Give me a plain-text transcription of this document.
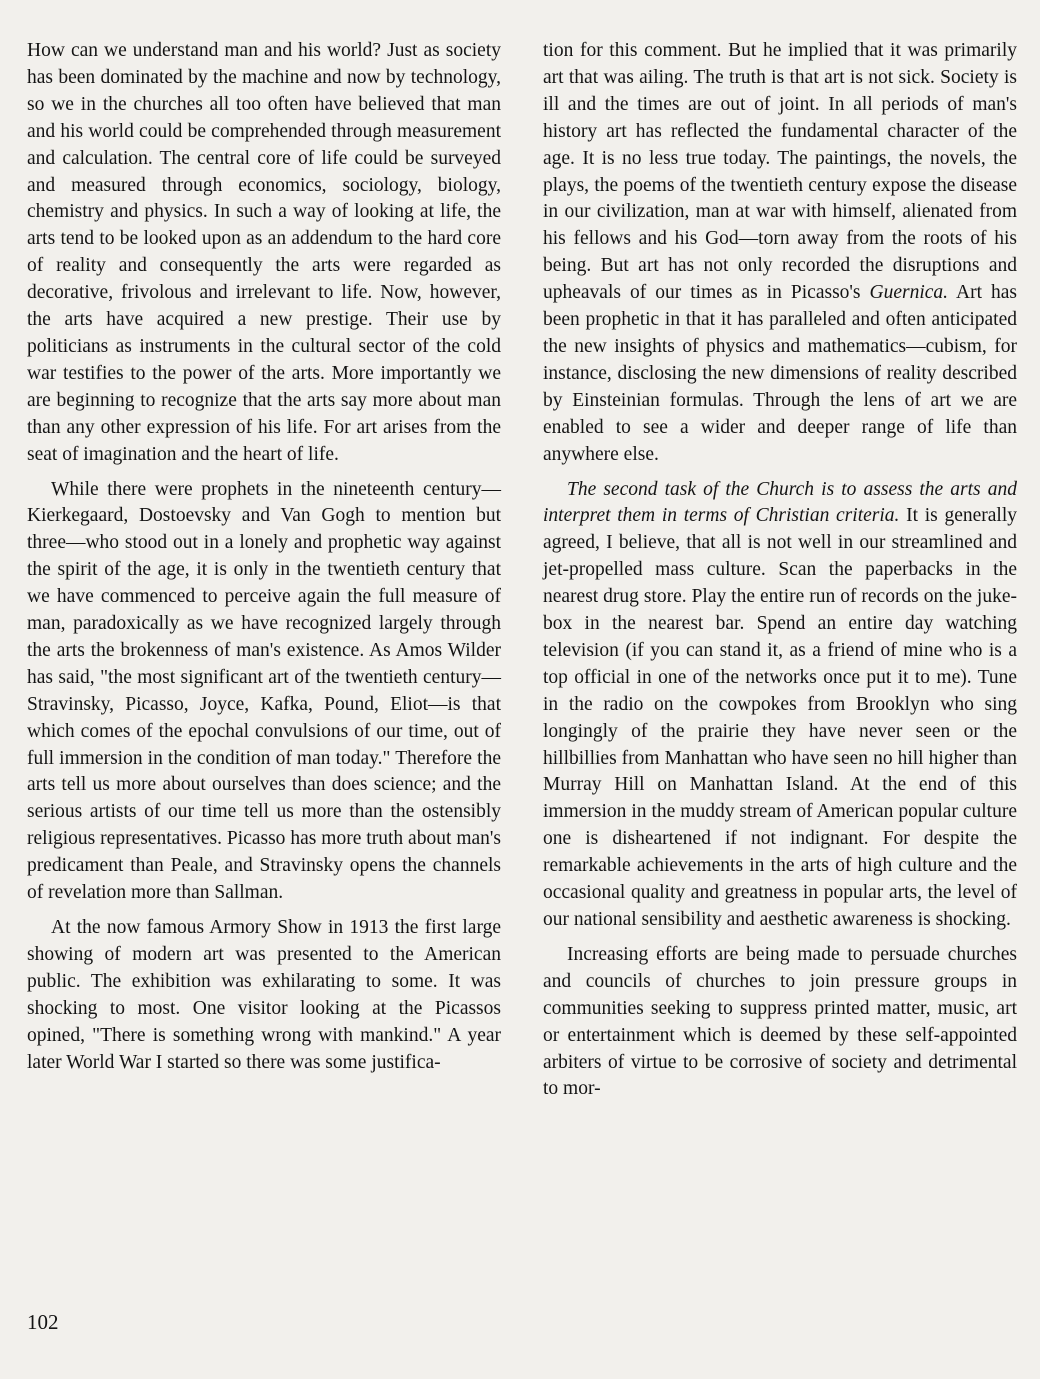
How can we understand man and his world? Just as society has been dominated by the machine and now by technology, so we in the churches all too often have believed that man and his world could be comprehended through measurement and calculation. The central core of life could be surveyed and measured through economics, sociology, biology, chemistry and physics. In such a way of looking at life, the arts tend to be looked upon as an addendum to the hard core of reality and consequently the arts were regarded as decorative, frivolous and irrelevant to life. Now, however, the arts have acquired a new prestige. Their use by politicians as instruments in the cultural sector of the cold war testifies to the power of the arts. More importantly we are beginning to recognize that the arts say more about man than any other expression of his life. For art arises from the seat of imagination and the heart of life.

While there were prophets in the nineteenth century—Kierkegaard, Dostoevsky and Van Gogh to mention but three—who stood out in a lonely and prophetic way against the spirit of the age, it is only in the twentieth century that we have commenced to perceive again the full measure of man, paradoxically as we have recognized largely through the arts the brokenness of man's existence. As Amos Wilder has said, "the most significant art of the twentieth century—Stravinsky, Picasso, Joyce, Kafka, Pound, Eliot—is that which comes of the epochal convulsions of our time, out of full immersion in the condition of man today." Therefore the arts tell us more about ourselves than does science; and the serious artists of our time tell us more than the ostensibly religious representatives. Picasso has more truth about man's predicament than Peale, and Stravinsky opens the channels of revelation more than Sallman.

At the now famous Armory Show in 1913 the first large showing of modern art was presented to the American public. The exhibition was exhilarating to some. It was shocking to most. One visitor looking at the Picassos opined, "There is something wrong with mankind." A year later World War I started so there was some justifica-

tion for this comment. But he implied that it was primarily art that was ailing. The truth is that art is not sick. Society is ill and the times are out of joint. In all periods of man's history art has reflected the fundamental character of the age. It is no less true today. The paintings, the novels, the plays, the poems of the twentieth century expose the disease in our civilization, man at war with himself, alienated from his fellows and his God—torn away from the roots of his being. But art has not only recorded the disruptions and upheavals of our times as in Picasso's Guernica. Art has been prophetic in that it has paralleled and often anticipated the new insights of physics and mathematics—cubism, for instance, disclosing the new dimensions of reality described by Einsteinian formulas. Through the lens of art we are enabled to see a wider and deeper range of life than anywhere else.

The second task of the Church is to assess the arts and interpret them in terms of Christian criteria. It is generally agreed, I believe, that all is not well in our streamlined and jet-propelled mass culture. Scan the paperbacks in the nearest drug store. Play the entire run of records on the juke-box in the nearest bar. Spend an entire day watching television (if you can stand it, as a friend of mine who is a top official in one of the networks once put it to me). Tune in the radio on the cowpokes from Brooklyn who sing longingly of the prairie they have never seen or the hillbillies from Manhattan who have seen no hill higher than Murray Hill on Manhattan Island. At the end of this immersion in the muddy stream of American popular culture one is disheartened if not indignant. For despite the remarkable achievements in the arts of high culture and the occasional quality and greatness in popular arts, the level of our national sensibility and aesthetic awareness is shocking.

Increasing efforts are being made to persuade churches and councils of churches to join pressure groups in communities seeking to suppress printed matter, music, art or entertainment which is deemed by these self-appointed arbiters of virtue to be corrosive of society and detrimental to mor-

102
